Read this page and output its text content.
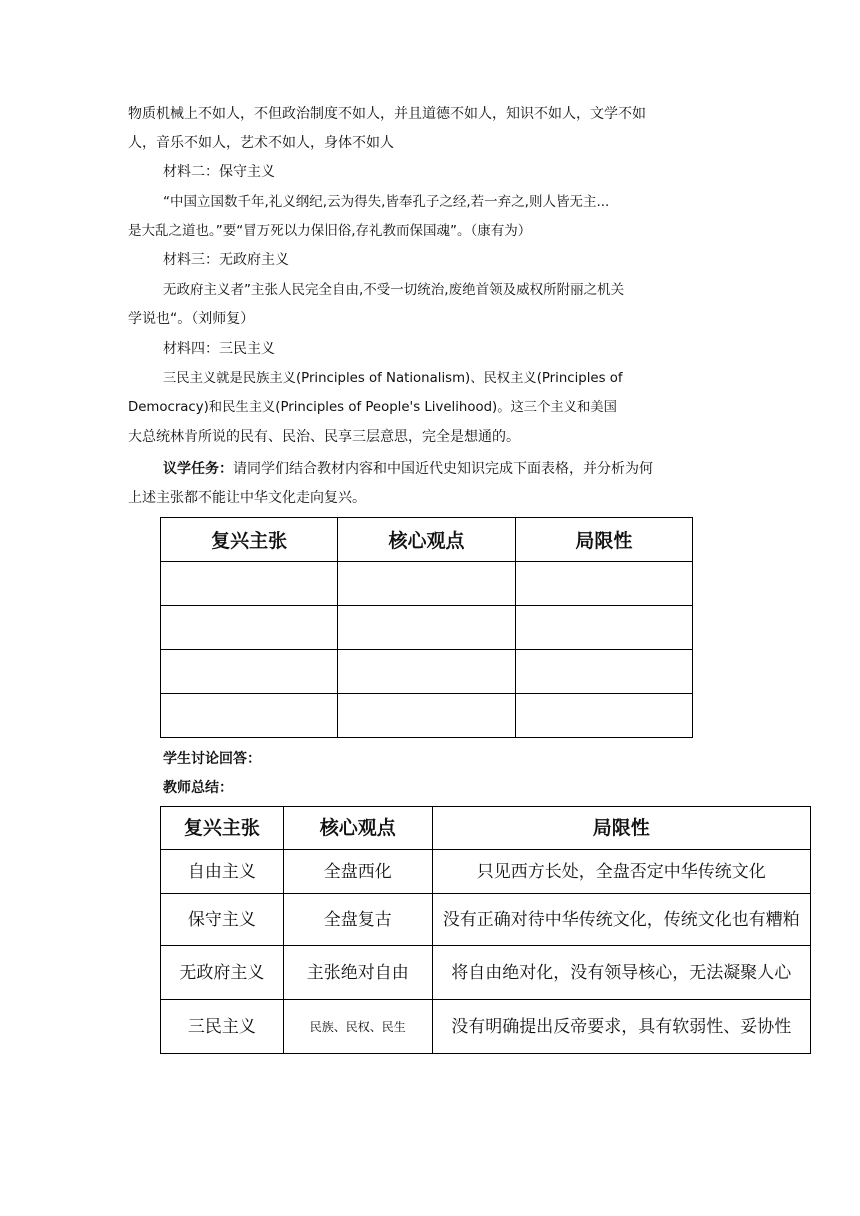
物质机械上不如人，不但政治制度不如人，并且道德不如人，知识不如人，文学不如
人，音乐不如人，艺术不如人，身体不如人
材料二：保守主义
“中国立国数千年,礼义纲纪,云为得失,皆奉孔子之经,若一弃之,则人皆无主...
是大乱之道也。”要“冒万死以力保旧俗,存礼教而保国魂”。（康有为）
材料三：无政府主义
无政府主义者”主张人民完全自由,不受一切统治,废绝首领及威权所附丽之机关
学说也“。（刘师复）
材料四：三民主义
三民主义就是民族主义(Principles of Nationalism)、民权主义(Principles of
Democracy)和民生主义(Principles of People's Livelihood)。这三个主义和美国
大总统林肯所说的民有、民治、民享三层意思，完全是想通的。
议学任务：请同学们结合教材内容和中国近代史知识完成下面表格，并分析为何
上述主张都不能让中华文化走向复兴。
复兴主张	核心观点	局限性

学生讨论回答：
教师总结：
复兴主张	核心观点	局限性
自由主义	全盘西化	只见西方长处，全盘否定中华传统文化
保守主义	全盘复古	没有正确对待中华传统文化，传统文化也有糟粕
无政府主义	主张绝对自由	将自由绝对化，没有领导核心，无法凝聚人心
三民主义	民族、民权、民生	没有明确提出反帝要求，具有软弱性、妥协性
